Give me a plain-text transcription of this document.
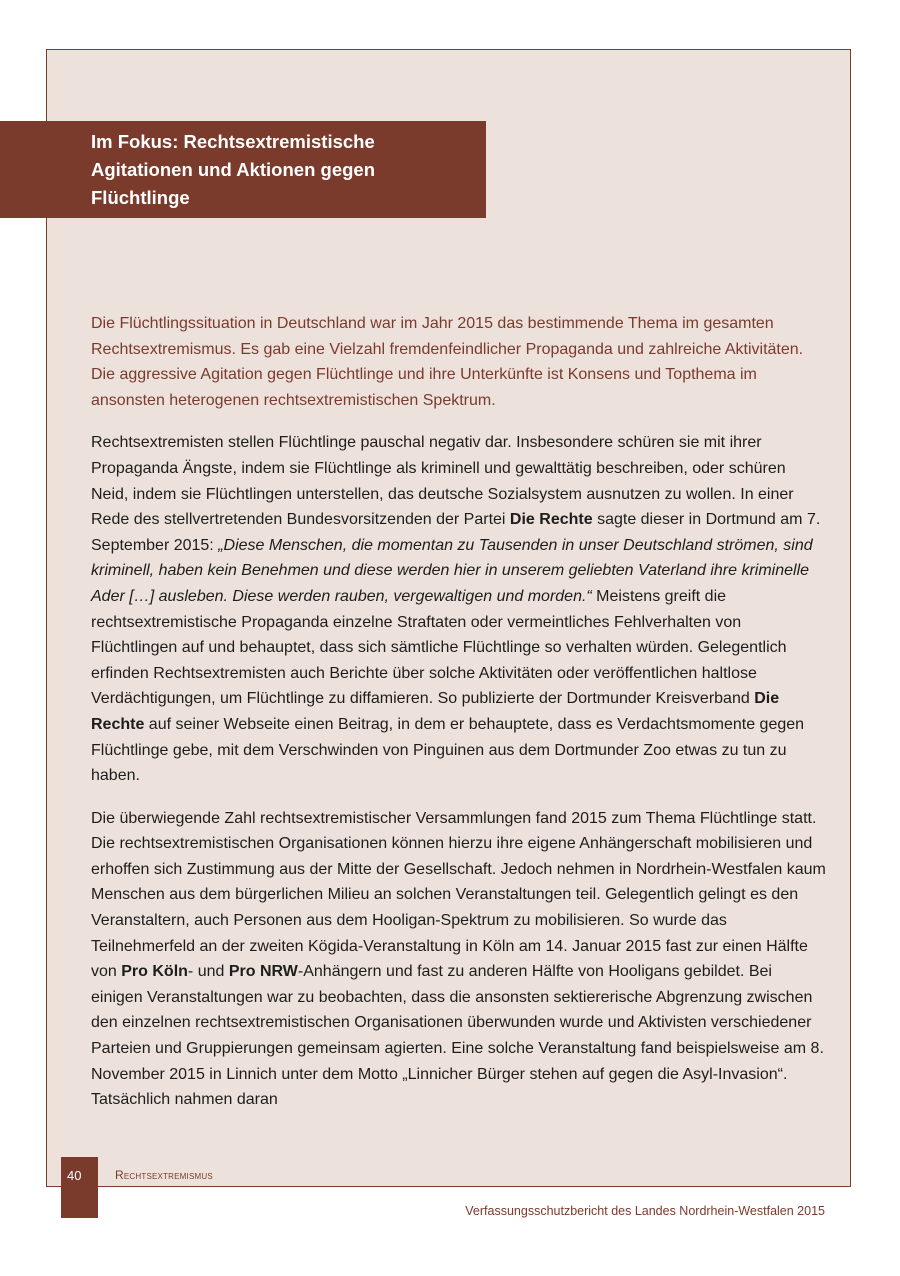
Im Fokus: Rechtsextremistische
Agitationen und Aktionen gegen
Flüchtlinge

Die Flüchtlingssituation in Deutschland war im Jahr 2015 das bestimmende Thema im gesamten Rechtsextremismus. Es gab eine Vielzahl fremdenfeindlicher Propaganda und zahlreiche Aktivitäten. Die aggressive Agitation gegen Flüchtlinge und ihre Unterkünfte ist Konsens und Topthema im ansonsten heterogenen rechtsextremistischen Spektrum.

Rechtsextremisten stellen Flüchtlinge pauschal negativ dar. Insbesondere schüren sie mit ihrer Propaganda Ängste, indem sie Flüchtlinge als kriminell und gewalttätig beschreiben, oder schüren Neid, indem sie Flüchtlingen unterstellen, das deutsche Sozialsystem ausnutzen zu wollen. In einer Rede des stellvertretenden Bundesvorsitzenden der Partei Die Rechte sagte dieser in Dortmund am 7. September 2015: „Diese Menschen, die momentan zu Tausenden in unser Deutschland strömen, sind kriminell, haben kein Benehmen und diese werden hier in unserem geliebten Vaterland ihre kriminelle Ader […] ausleben. Diese werden rauben, vergewaltigen und morden.“ Meistens greift die rechtsextremistische Propaganda einzelne Straftaten oder vermeintliches Fehlverhalten von Flüchtlingen auf und behauptet, dass sich sämtliche Flüchtlinge so verhalten würden. Gelegentlich erfinden Rechtsextremisten auch Berichte über solche Aktivitäten oder veröffentlichen haltlose Verdächtigungen, um Flüchtlinge zu diffamieren. So publizierte der Dortmunder Kreisverband Die Rechte auf seiner Webseite einen Beitrag, in dem er behauptete, dass es Verdachtsmomente gegen Flüchtlinge gebe, mit dem Verschwinden von Pinguinen aus dem Dortmunder Zoo etwas zu tun zu haben.

Die überwiegende Zahl rechtsextremistischer Versammlungen fand 2015 zum Thema Flüchtlinge statt. Die rechtsextremistischen Organisationen können hierzu ihre eigene Anhängerschaft mobilisieren und erhoffen sich Zustimmung aus der Mitte der Gesellschaft. Jedoch nehmen in Nordrhein-Westfalen kaum Menschen aus dem bürgerlichen Milieu an solchen Veranstaltungen teil. Gelegentlich gelingt es den Veranstaltern, auch Personen aus dem Hooligan-Spektrum zu mobilisieren. So wurde das Teilnehmerfeld an der zweiten Kögida-Veranstaltung in Köln am 14. Januar 2015 fast zur einen Hälfte von Pro Köln- und Pro NRW-Anhängern und fast zu anderen Hälfte von Hooligans gebildet. Bei einigen Veranstaltungen war zu beobachten, dass die ansonsten sektiererische Abgrenzung zwischen den einzelnen rechtsextremistischen Organisationen überwunden wurde und Aktivisten verschiedener Parteien und Gruppierungen gemeinsam agierten. Eine solche Veranstaltung fand beispielsweise am 8. November 2015 in Linnich unter dem Motto „Linnicher Bürger stehen auf gegen die Asyl-Invasion“. Tatsächlich nahmen daran

40	Rechtsextremismus
Verfassungsschutzbericht des Landes Nordrhein-Westfalen 2015
